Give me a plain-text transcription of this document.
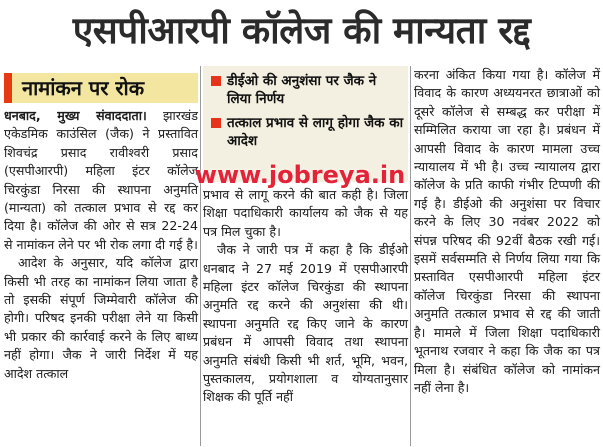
एसपीआरपी कॉलेज की मान्यता रद्द
नामांकन पर रोक

धनबाद, मुख्य संवाददाता। झारखंड एकेडमिक काउंसिल (जैक) ने प्रस्तावित शिवचंद्र प्रसाद रावीश्वरी प्रसाद (एसपीआरपी) महिला इंटर कॉलेज चिरकुंडा निरसा की स्थापना अनुमति (मान्यता) को तत्काल प्रभाव से रद्द कर दिया है। कॉलेज की ओर से सत्र 22-24 से नामांकन लेने पर भी रोक लगा दी गई है।

आदेश के अनुसार, यदि कॉलेज द्वारा किसी भी तरह का नामांकन लिया जाता है तो इसकी संपूर्ण जिम्मेवारी कॉलेज की होगी। परिषद इनकी परीक्षा लेने या किसी भी प्रकार की कार्रवाई करने के लिए बाध्य नहीं होगा। जैक ने जारी निर्देश में यह आदेश तत्काल

डीईओ की अनुशंसा पर जैक ने लिया निर्णय
तत्काल प्रभाव से लागू होगा जैक का आदेश

प्रभाव से लागू करने की बात कही है। जिला शिक्षा पदाधिकारी कार्यालय को जैक से यह पत्र मिल चुका है।

जैक ने जारी पत्र में कहा है कि डीईओ धनबाद ने 27 मई 2019 में एसपीआरपी महिला इंटर कॉलेज चिरकुंडा की स्थापना अनुमति रद्द करने की अनुशंसा की थी। स्थापना अनुमति रद्द किए जाने के कारण प्रबंधन में आपसी विवाद तथा स्थापना अनुमति संबंधी किसी भी शर्त, भूमि, भवन, पुस्तकालय, प्रयोगशाला व योग्यतानुसार शिक्षक की पूर्ति नहीं

करना अंकित किया गया है। कॉलेज में विवाद के कारण अध्ययनरत छात्राओं को दूसरे कॉलेज से सम्बद्ध कर परीक्षा में सम्मिलित कराया जा रहा है। प्रबंधन में आपसी विवाद के कारण मामला उच्च न्यायालय में भी है। उच्च न्यायालय द्वारा कॉलेज के प्रति काफी गंभीर टिप्पणी की गई है। डीईओ की अनुशंसा पर विचार करने के लिए 30 नवंबर 2022 को संपन्न परिषद की 92वीं बैठक रखी गई। इसमें सर्वसम्मति से निर्णय लिया गया कि प्रस्तावित एसपीआरपी महिला इंटर कॉलेज चिरकुंडा निरसा की स्थापना अनुमति तत्काल प्रभाव से रद्द की जाती है। मामले में जिला शिक्षा पदाधिकारी भूतनाथ रजवार ने कहा कि जैक का पत्र मिला है। संबंधित कॉलेज को नामांकन नहीं लेना है।

www.jobreya.in
